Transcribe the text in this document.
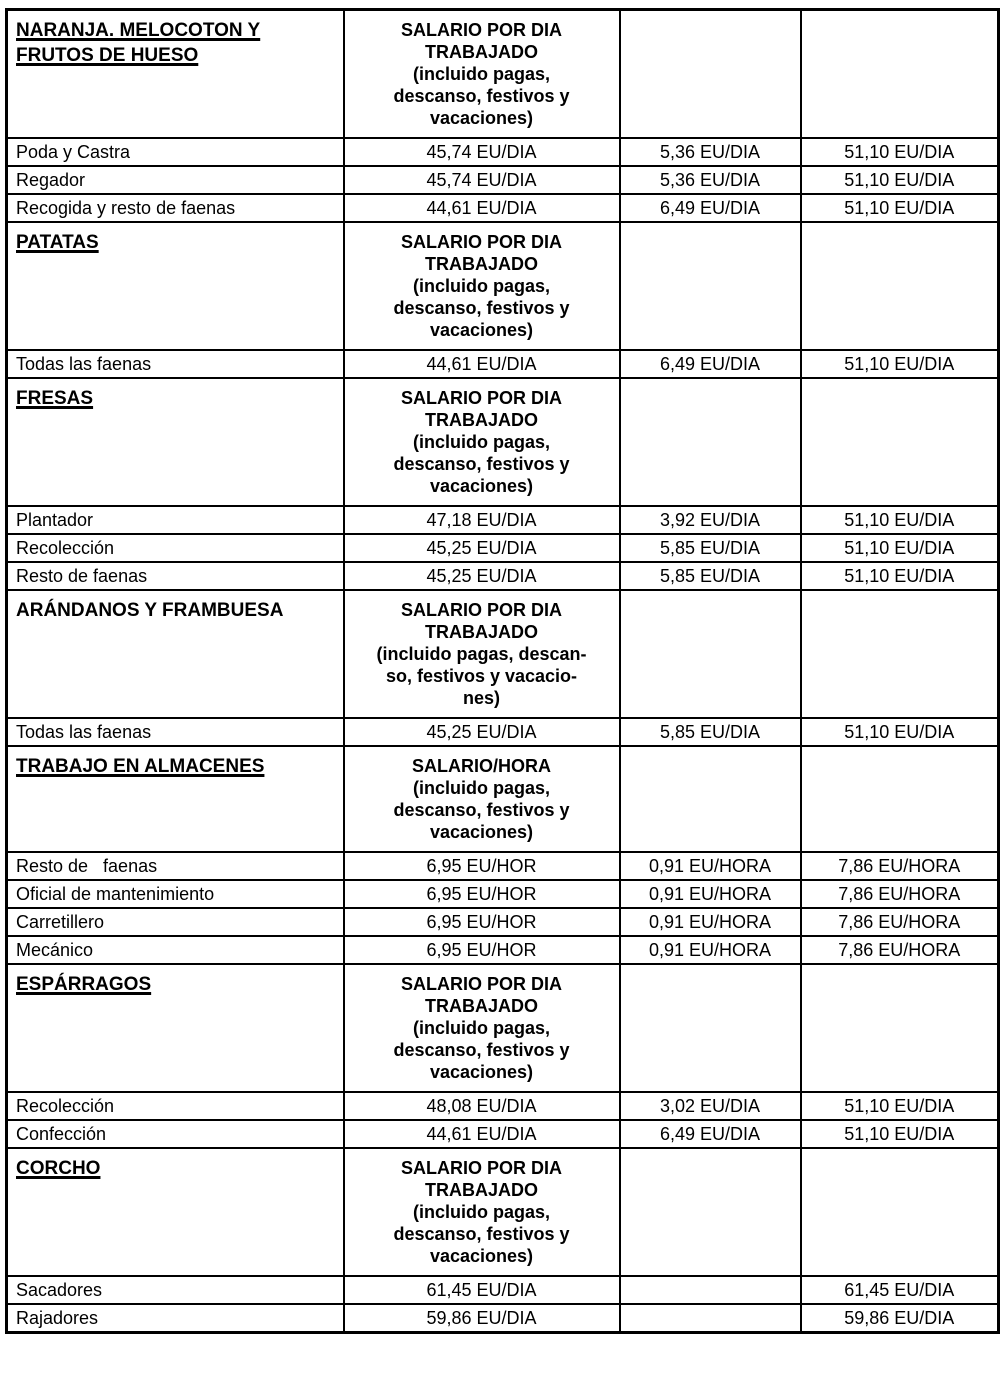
NARANJA. MELOCOTON Y
FRUTOS DE HUESO

SALARIO POR DIA
TRABAJADO
(incluido pagas,
descanso, festivos y
vacaciones)

Poda y Castra	45,74 EU/DIA	5,36 EU/DIA	51,10 EU/DIA
Regador	45,74 EU/DIA	5,36 EU/DIA	51,10 EU/DIA
Recogida y resto de faenas	44,61 EU/DIA	6,49 EU/DIA	51,10 EU/DIA

PATATAS	SALARIO POR DIA
TRABAJADO
(incluido pagas,
descanso, festivos y
vacaciones)		

Todas las faenas	44,61 EU/DIA	6,49 EU/DIA	51,10 EU/DIA

FRESAS	SALARIO POR DIA
TRABAJADO
(incluido pagas,
descanso, festivos y
vacaciones)		

Plantador	47,18 EU/DIA	3,92 EU/DIA	51,10 EU/DIA
Recolección	45,25 EU/DIA	5,85 EU/DIA	51,10 EU/DIA
Resto de faenas	45,25 EU/DIA	5,85 EU/DIA	51,10 EU/DIA

ARÁNDANOS Y FRAMBUESA	SALARIO POR DIA
TRABAJADO
(incluido pagas, descan-
so, festivos y vacacio-
nes)		

Todas las faenas	45,25 EU/DIA	5,85 EU/DIA	51,10 EU/DIA

TRABAJO EN ALMACENES	SALARIO/HORA
(incluido pagas,
descanso, festivos y
vacaciones)		

Resto de   faenas	6,95 EU/HOR	0,91 EU/HORA	7,86 EU/HORA
Oficial de mantenimiento	6,95 EU/HOR	0,91 EU/HORA	7,86 EU/HORA
Carretillero	6,95 EU/HOR	0,91 EU/HORA	7,86 EU/HORA
Mecánico	6,95 EU/HOR	0,91 EU/HORA	7,86 EU/HORA

ESPÁRRAGOS	SALARIO POR DIA
TRABAJADO
(incluido pagas,
descanso, festivos y
vacaciones)		

Recolección	48,08 EU/DIA	3,02 EU/DIA	51,10 EU/DIA
Confección	44,61 EU/DIA	6,49 EU/DIA	51,10 EU/DIA

CORCHO	SALARIO POR DIA
TRABAJADO
(incluido pagas,
descanso, festivos y
vacaciones)		

Sacadores	61,45 EU/DIA		61,45 EU/DIA
Rajadores	59,86 EU/DIA		59,86 EU/DIA
